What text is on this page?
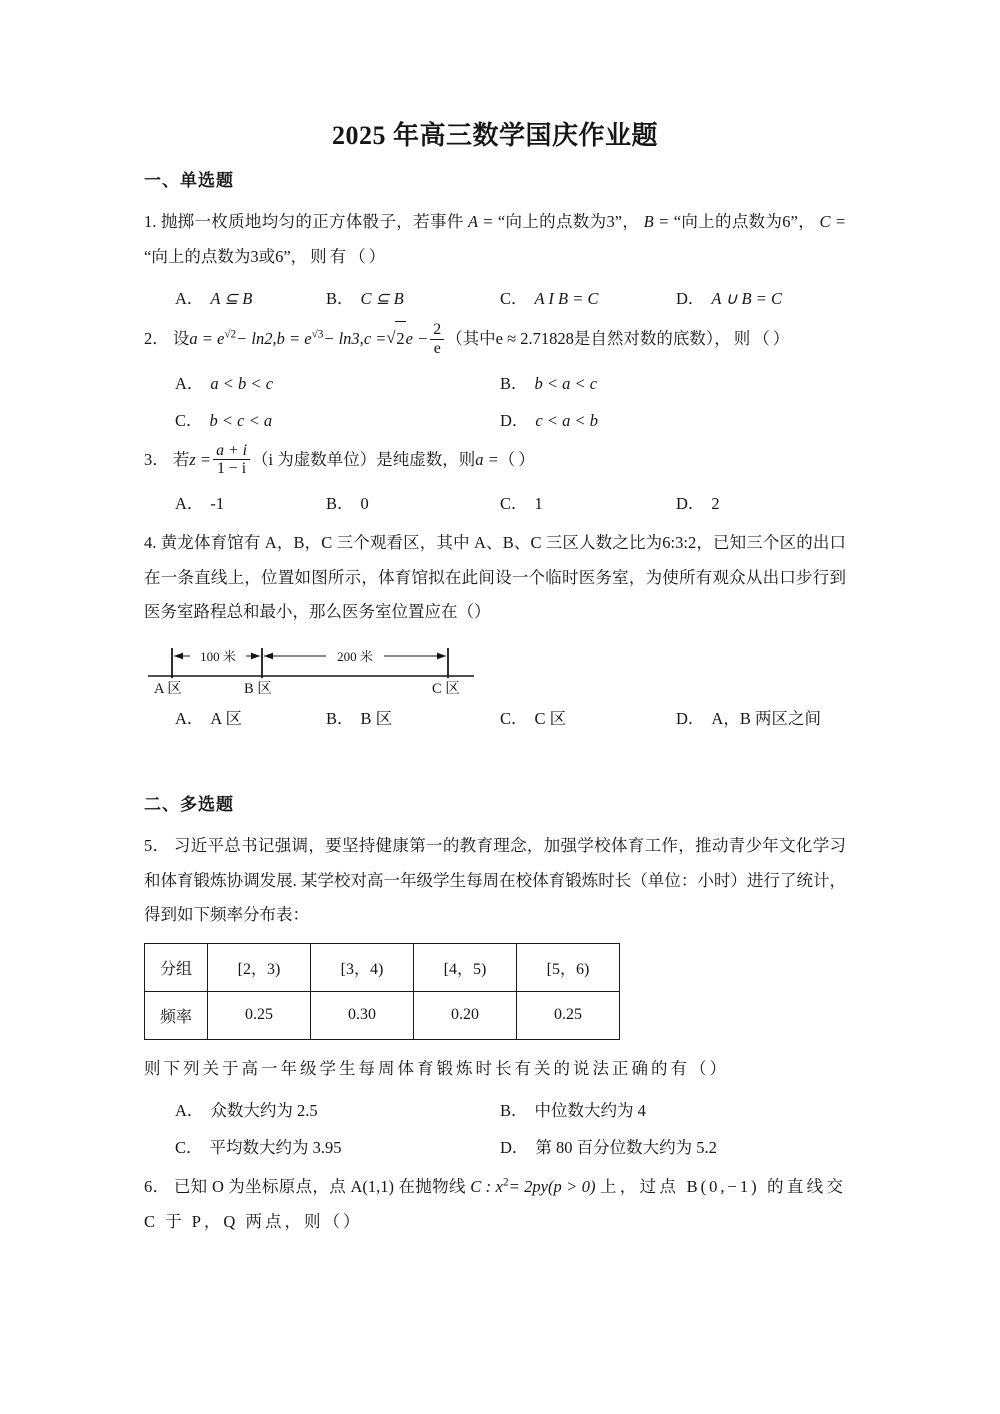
2025 年高三数学国庆作业题
一、单选题
1. 抛掷一枚质地均匀的正方体骰子，若事件 A = “向上的点数为3”， B = “向上的点数为6”， C = “向上的点数为3或6”，则有（）
A． A ⊆ B	B． C ⊆ B	C． A I B = C	D． A ∪ B = C
2． 设$a = e^{√2}- \ln 2,b = e^{√3}- \ln 3,c$ = √ $2e - \frac{2}{e}$ （其中e ≈ 2.71828是自然对数的底数），则（）
A． a < b < c	B． b < a < c
C． b < c < a	D． c < a < b
3． 若$z = \frac{a + i}{1 - i} (i$ 为虚数单位）是纯虚数，则a =（）
A． -1	B． 0	C． 1	D． 2
4. 黄龙体育馆有 A，B，C 三个观看区，其中 A、B、C 三区人数之比为6:3:2，已知三个区的出口在一条直线上，位置如图所示，体育馆拟在此间设一个临时医务室，为使所有观众从出口步行到医务室路程总和最小，那么医务室位置应在（）
100 米	200 米
A 区	B 区	C 区
A． A 区	B． B 区	C． C 区	D． A，B 两区之间
二、多选题
5． 习近平总书记强调，要坚持健康第一的教育理念，加强学校体育工作，推动青少年文化学习和体育锻炼协调发展. 某学校对高一年级学生每周在校体育锻炼时长（单位：小时）进行了统计，得到如下频率分布表：
分组	[2，3)	[3，4)	[4，5)	[5，6)
频率	0.25	0.30	0.20	0.25
则下列关于高一年级学生每周体育锻炼时长有关的说法正确的有（）
A． 众数大约为 2.5	B． 中位数大约为 4
C． 平均数大约为 3.95	D． 第 80 百分位数大约为 5.2
6． 已知 O 为坐标原点，点 A(1,1) 在抛物线 C : $x^2= 2py(p > 0)$ 上，过点 B(0,−1) 的直线交 C 于 P，Q 两点，则（）
